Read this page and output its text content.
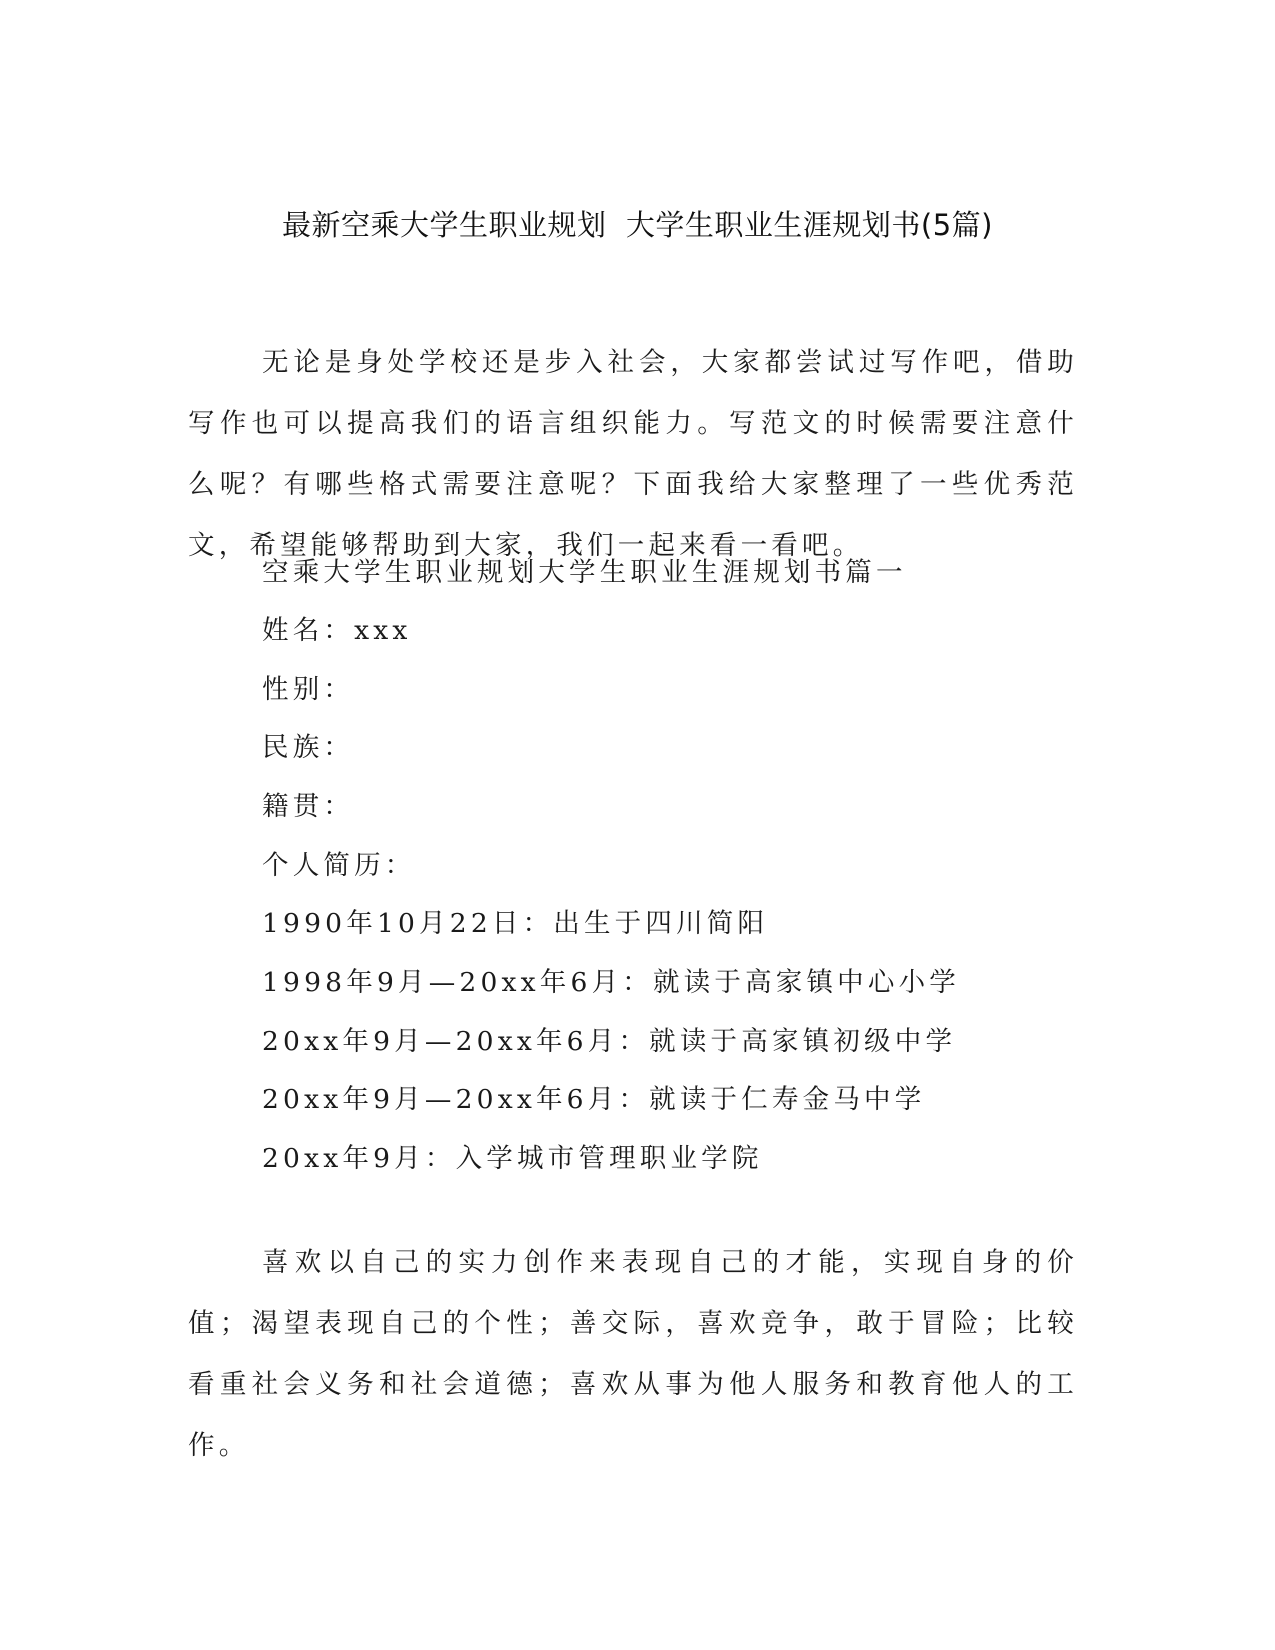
最新空乘大学生职业规划  大学生职业生涯规划书(5篇)

无论是身处学校还是步入社会，大家都尝试过写作吧，借助写作也可以提高我们的语言组织能力。写范文的时候需要注意什么呢？有哪些格式需要注意呢？下面我给大家整理了一些优秀范文，希望能够帮助到大家，我们一起来看一看吧。

空乘大学生职业规划大学生职业生涯规划书篇一
姓名：xxx
性别：
民族：
籍贯：
个人简历：
1990年10月22日：出生于四川简阳
1998年9月—20xx年6月：就读于高家镇中心小学
20xx年9月—20xx年6月：就读于高家镇初级中学
20xx年9月—20xx年6月：就读于仁寿金马中学
20xx年9月：入学城市管理职业学院

喜欢以自己的实力创作来表现自己的才能，实现自身的价值；渴望表现自己的个性；善交际，喜欢竞争，敢于冒险；比较看重社会义务和社会道德；喜欢从事为他人服务和教育他人的工作。
